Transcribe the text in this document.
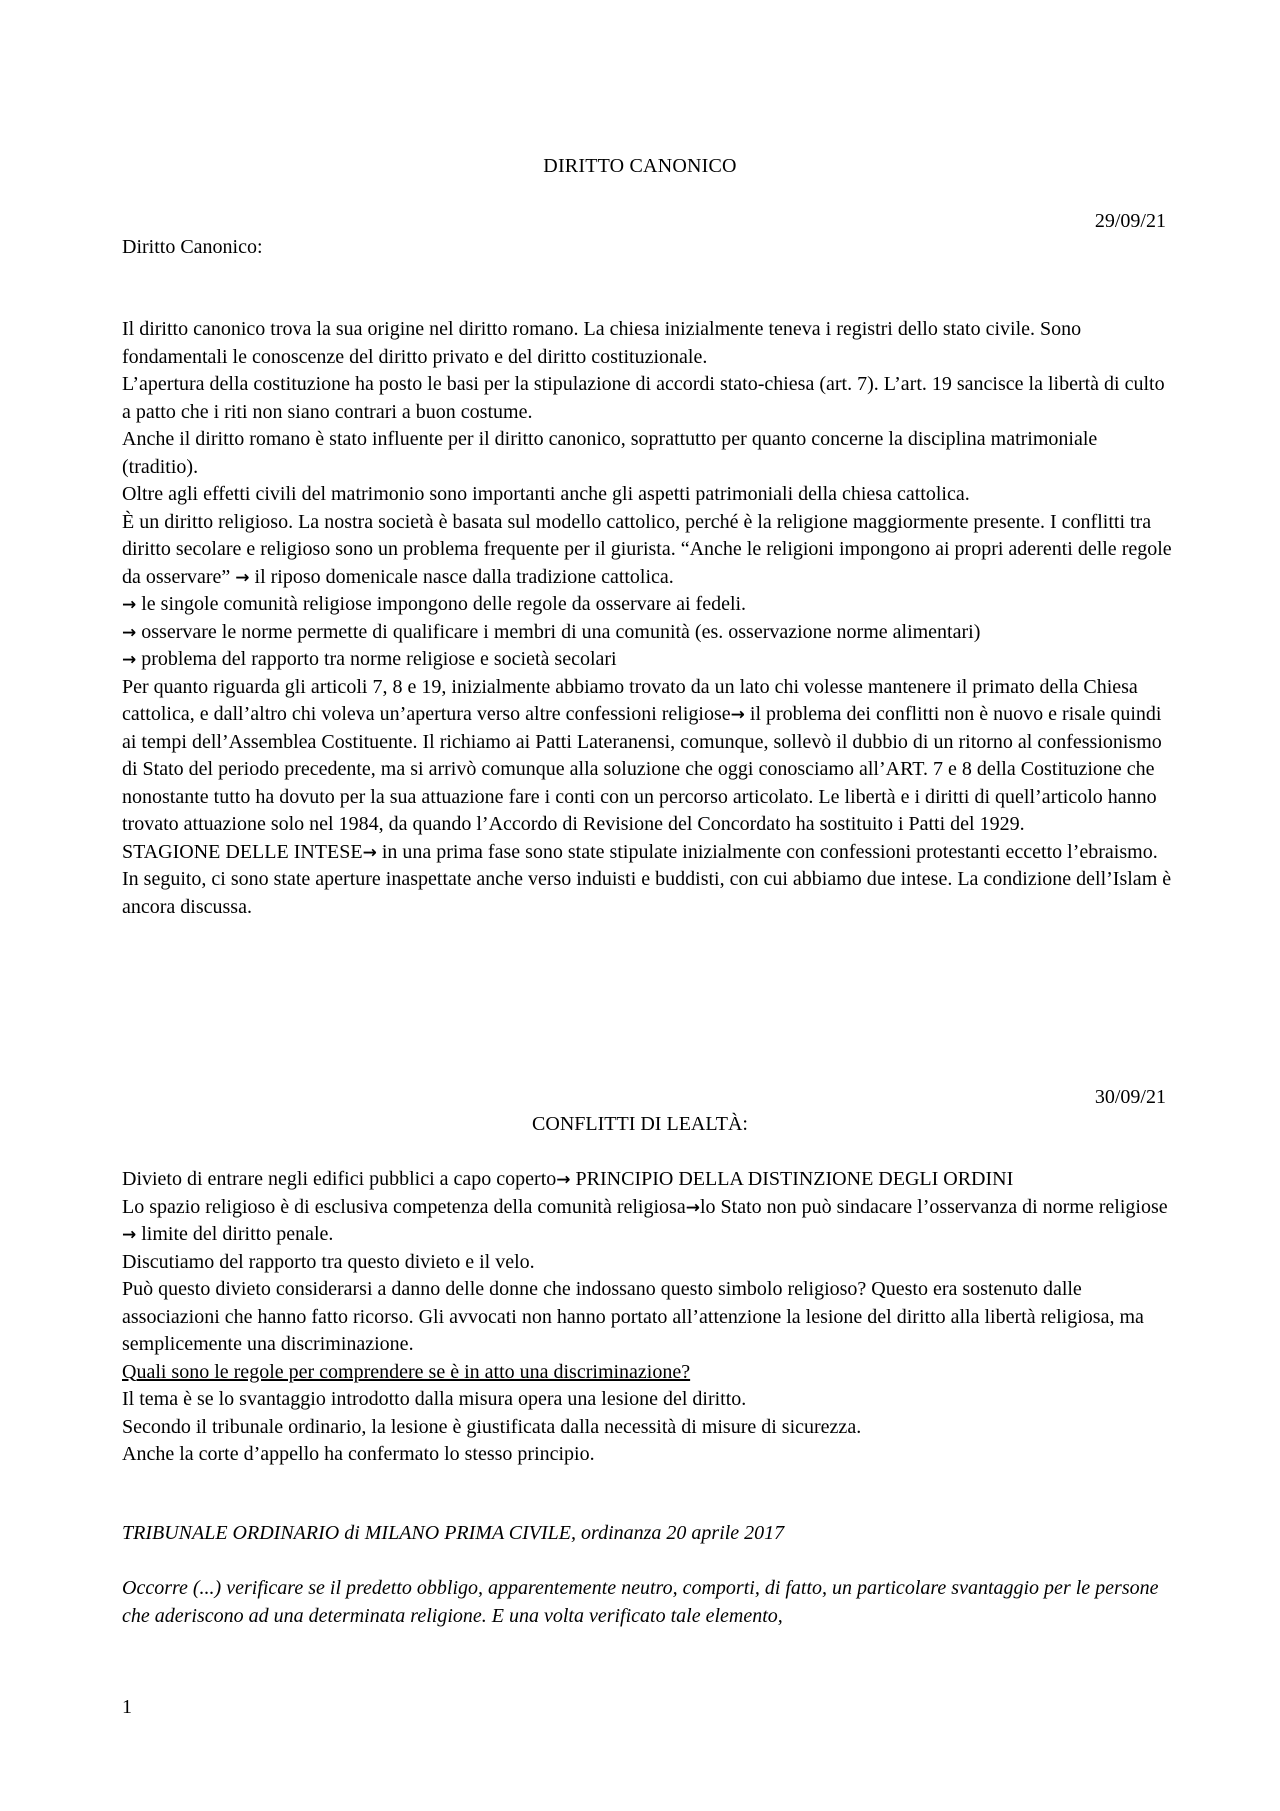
DIRITTO CANONICO
29/09/21
Diritto Canonico:

Il diritto canonico trova la sua origine nel diritto romano. La chiesa inizialmente teneva i registri dello stato civile. Sono fondamentali le conoscenze del diritto privato e del diritto costituzionale.

L’apertura della costituzione ha posto le basi per la stipulazione di accordi stato-chiesa (art. 7). L’art. 19 sancisce la libertà di culto a patto che i riti non siano contrari a buon costume.

Anche il diritto romano è stato influente per il diritto canonico, soprattutto per quanto concerne la disciplina matrimoniale (traditio).

Oltre agli effetti civili del matrimonio sono importanti anche gli aspetti patrimoniali della chiesa cattolica.

È un diritto religioso. La nostra società è basata sul modello cattolico, perché è la religione maggiormente presente. I conflitti tra diritto secolare e religioso sono un problema frequente per il giurista. “Anche le religioni impongono ai propri aderenti delle regole da osservare” → il riposo domenicale nasce dalla tradizione cattolica.

→ le singole comunità religiose impongono delle regole da osservare ai fedeli.

→ osservare le norme permette di qualificare i membri di una comunità (es. osservazione norme alimentari)

→ problema del rapporto tra norme religiose e società secolari

Per quanto riguarda gli articoli 7, 8 e 19, inizialmente abbiamo trovato da un lato chi volesse mantenere il primato della Chiesa cattolica, e dall’altro chi voleva un’apertura verso altre confessioni religiose→ il problema dei conflitti non è nuovo e risale quindi ai tempi dell’Assemblea Costituente. Il richiamo ai Patti Lateranensi, comunque, sollevò il dubbio di un ritorno al confessionismo di Stato del periodo precedente, ma si arrivò comunque alla soluzione che oggi conosciamo all’ART. 7 e 8 della Costituzione che nonostante tutto ha dovuto per la sua attuazione fare i conti con un percorso articolato. Le libertà e i diritti di quell’articolo hanno trovato attuazione solo nel 1984, da quando l’Accordo di Revisione del Concordato ha sostituito i Patti del 1929.

STAGIONE DELLE INTESE→ in una prima fase sono state stipulate inizialmente con confessioni protestanti eccetto l’ebraismo.

In seguito, ci sono state aperture inaspettate anche verso induisti e buddisti, con cui abbiamo due intese. La condizione dell’Islam è ancora discussa.

30/09/21
CONFLITTI DI LEALTÀ:

Divieto di entrare negli edifici pubblici a capo coperto→ PRINCIPIO DELLA DISTINZIONE DEGLI ORDINI

Lo spazio religioso è di esclusiva competenza della comunità religiosa→lo Stato non può sindacare l’osservanza di norme religiose→ limite del diritto penale.

Discutiamo del rapporto tra questo divieto e il velo.

Può questo divieto considerarsi a danno delle donne che indossano questo simbolo religioso? Questo era sostenuto dalle associazioni che hanno fatto ricorso. Gli avvocati non hanno portato all’attenzione la lesione del diritto alla libertà religiosa, ma semplicemente una discriminazione.

Quali sono le regole per comprendere se è in atto una discriminazione?

Il tema è se lo svantaggio introdotto dalla misura opera una lesione del diritto.

Secondo il tribunale ordinario, la lesione è giustificata dalla necessità di misure di sicurezza.

Anche la corte d’appello ha confermato lo stesso principio.

TRIBUNALE ORDINARIO di MILANO PRIMA CIVILE, ordinanza 20 aprile 2017
Occorre (...) verificare se il predetto obbligo, apparentemente neutro, comporti, di fatto, un particolare svantaggio per le persone che aderiscono ad una determinata religione. E una volta verificato tale elemento,
1
